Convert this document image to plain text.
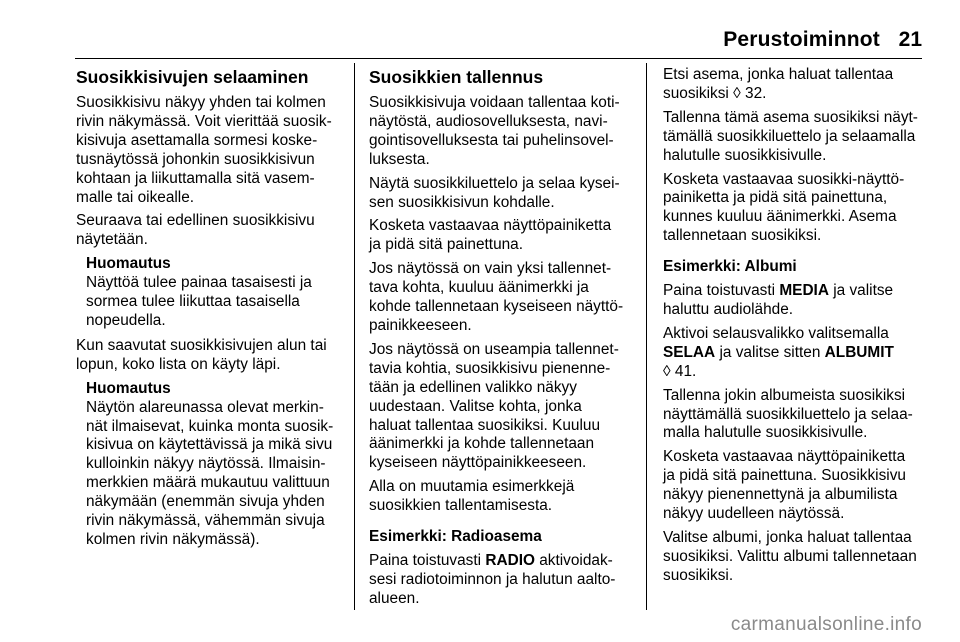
Perustoiminnot 21
Suosikkisivujen selaaminen

Suosikkisivu näkyy yhden tai kolmen
rivin näkymässä. Voit vierittää suosik-
kisivuja asettamalla sormesi koske-
tusnäytössä johonkin suosikkisivun
kohtaan ja liikuttamalla sitä vasem-
malle tai oikealle.

Seuraava tai edellinen suosikkisivu
näytetään.

Huomautus
Näyttöä tulee painaa tasaisesti ja
sormea tulee liikuttaa tasaisella
nopeudella.

Kun saavutat suosikkisivujen alun tai
lopun, koko lista on käyty läpi.

Huomautus
Näytön alareunassa olevat merkin-
nät ilmaisevat, kuinka monta suosik-
kisivua on käytettävissä ja mikä sivu
kulloinkin näkyy näytössä. Ilmaisin-
merkkien määrä mukautuu valittuun
näkymään (enemmän sivuja yhden
rivin näkymässä, vähemmän sivuja
kolmen rivin näkymässä).
Suosikkien tallennus

Suosikkisivuja voidaan tallentaa koti-
näytöstä, audiosovelluksesta, navi-
gointisovelluksesta tai puhelinsovel-
luksesta.

Näytä suosikkiluettelo ja selaa kysei-
sen suosikkisivun kohdalle.

Kosketa vastaavaa näyttöpainiketta
ja pidä sitä painettuna.

Jos näytössä on vain yksi tallennet-
tava kohta, kuuluu äänimerkki ja
kohde tallennetaan kyseiseen näyttö-
painikkeeseen.

Jos näytössä on useampia tallennet-
tavia kohtia, suosikkisivu pienenne-
tään ja edellinen valikko näkyy
uudestaan. Valitse kohta, jonka
haluat tallentaa suosikiksi. Kuuluu
äänimerkki ja kohde tallennetaan
kyseiseen näyttöpainikkeeseen.

Alla on muutamia esimerkkejä
suosikkien tallentamisesta.

Esimerkki: Radioasema

Paina toistuvasti RADIO aktivoidak-
sesi radiotoiminnon ja halutun aalto-
alueen.

Etsi asema, jonka haluat tallentaa
suosikiksi ◊ 32.

Tallenna tämä asema suosikiksi näyt-
tämällä suosikkiluettelo ja selaamalla
halutulle suosikkisivulle.

Kosketa vastaavaa suosikki-näyttö-
painiketta ja pidä sitä painettuna,
kunnes kuuluu äänimerkki. Asema
tallennetaan suosikiksi.

Esimerkki: Albumi

Paina toistuvasti MEDIA ja valitse
haluttu audiolähde.

Aktivoi selausvalikko valitsemalla
SELAA ja valitse sitten ALBUMIT
◊ 41.

Tallenna jokin albumeista suosikiksi
näyttämällä suosikkiluettelo ja selaa-
malla halutulle suosikkisivulle.

Kosketa vastaavaa näyttöpainiketta
ja pidä sitä painettuna. Suosikkisivu
näkyy pienennettynä ja albumilista
näkyy uudelleen näytössä.

Valitse albumi, jonka haluat tallentaa
suosikiksi. Valittu albumi tallennetaan
suosikiksi.

carmanualsonline.info
